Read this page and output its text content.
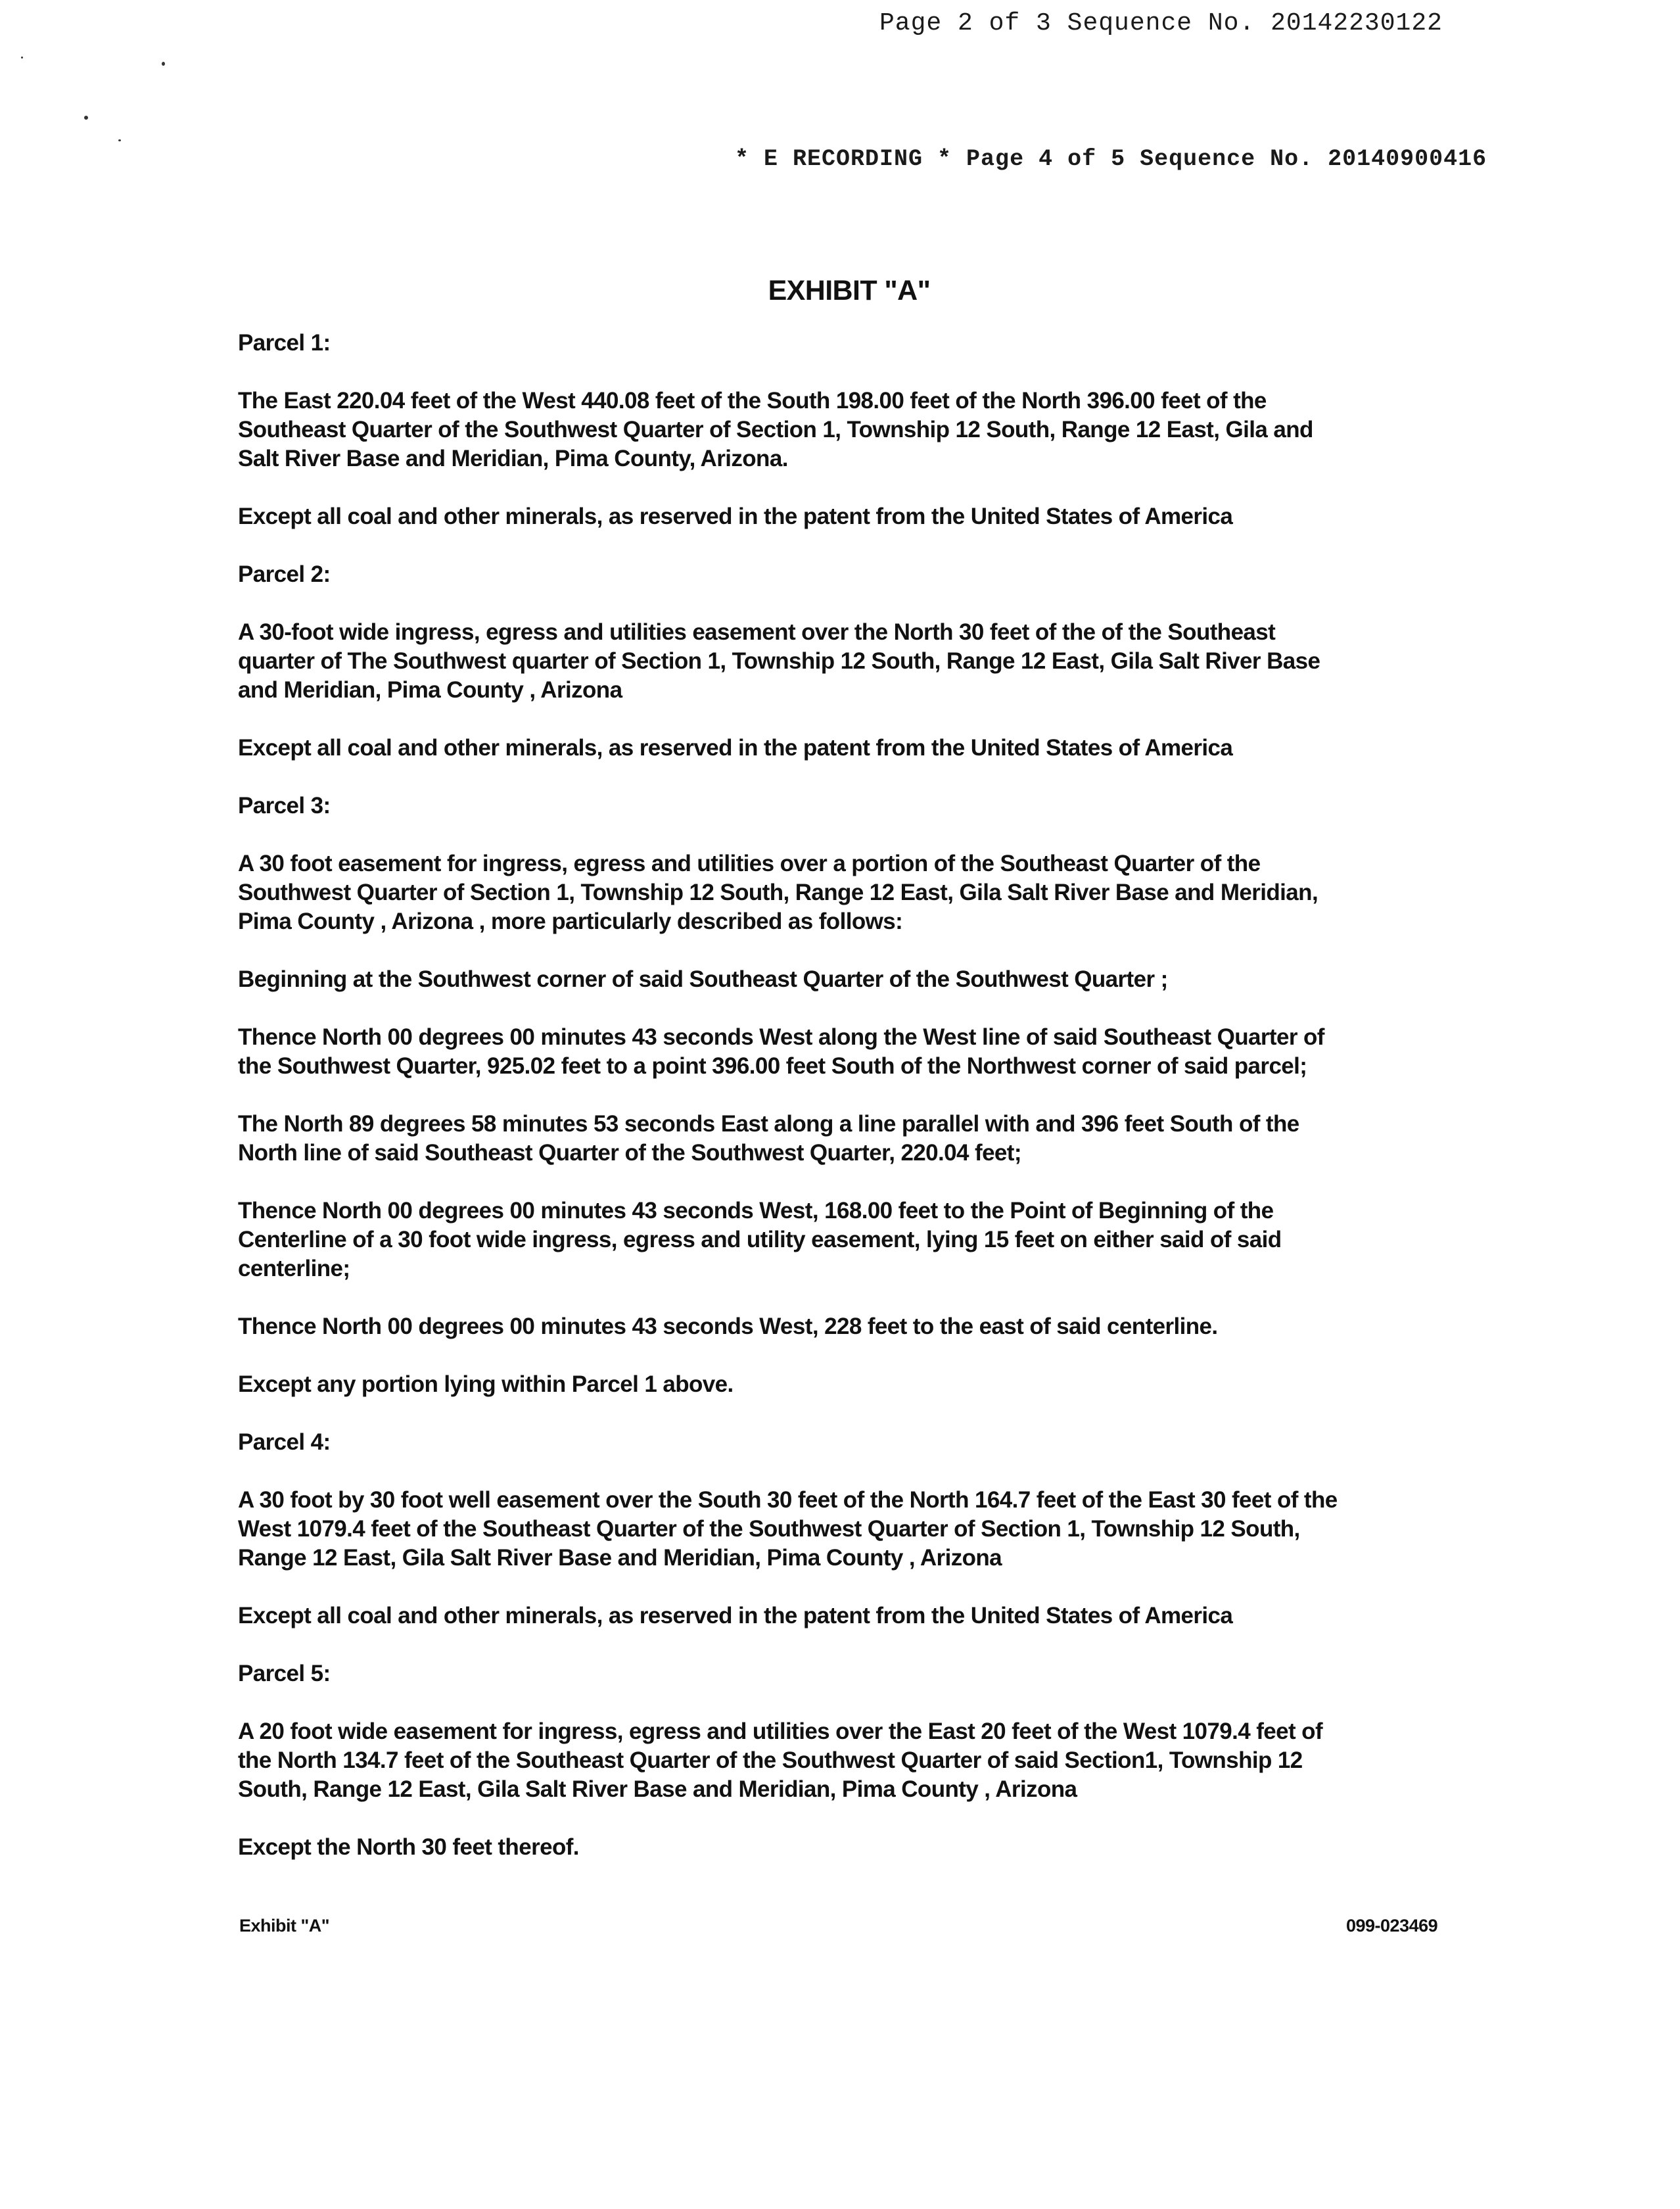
Page 2 of 3 Sequence No. 20142230122
* E RECORDING * Page 4 of 5 Sequence No. 20140900416
EXHIBIT "A"

Parcel 1:

The East 220.04 feet of the West 440.08 feet of the South 198.00 feet of the North 396.00 feet of the
Southeast Quarter of the Southwest Quarter of Section 1, Township 12 South, Range 12 East, Gila and
Salt River Base and Meridian, Pima County, Arizona.

Except all coal and other minerals, as reserved in the patent from the United States of America

Parcel 2:

A 30-foot wide ingress, egress and utilities easement over the North 30 feet of the of the Southeast
quarter of The Southwest quarter of Section 1, Township 12 South, Range 12 East, Gila Salt River Base
and Meridian, Pima County , Arizona

Except all coal and other minerals, as reserved in the patent from the United States of America

Parcel 3:

A 30 foot easement for ingress, egress and utilities over a portion of the Southeast Quarter of the
Southwest Quarter of Section 1, Township 12 South, Range 12 East, Gila Salt River Base and Meridian,
Pima County , Arizona , more particularly described as follows:

Beginning at the Southwest corner of said Southeast Quarter of the Southwest Quarter ;

Thence North 00 degrees 00 minutes 43 seconds West along the West line of said Southeast Quarter of
the Southwest Quarter, 925.02 feet to a point 396.00 feet South of the Northwest corner of said parcel;

The North 89 degrees 58 minutes 53 seconds East along a line parallel with and 396 feet South of the
North line of said Southeast Quarter of the Southwest Quarter, 220.04 feet;

Thence North 00 degrees 00 minutes 43 seconds West, 168.00 feet to the Point of Beginning of the
Centerline of a 30 foot wide ingress, egress and utility easement, lying 15 feet on either said of said
centerline;

Thence North 00 degrees 00 minutes 43 seconds West, 228 feet to the east of said centerline.

Except any portion lying within Parcel 1 above.

Parcel 4:

A 30 foot by 30 foot well easement over the South 30 feet of the North 164.7 feet of the East 30 feet of the
West 1079.4 feet of the Southeast Quarter of the Southwest Quarter of Section 1, Township 12 South,
Range 12 East, Gila Salt River Base and Meridian, Pima County , Arizona

Except all coal and other minerals, as reserved in the patent from the United States of America

Parcel 5:

A 20 foot wide easement for ingress, egress and utilities over the East 20 feet of the West 1079.4 feet of
the North 134.7 feet of the Southeast Quarter of the Southwest Quarter of said Section1, Township 12
South, Range 12 East, Gila Salt River Base and Meridian, Pima County , Arizona

Except the North 30 feet thereof.

Exhibit "A"	099-023469
